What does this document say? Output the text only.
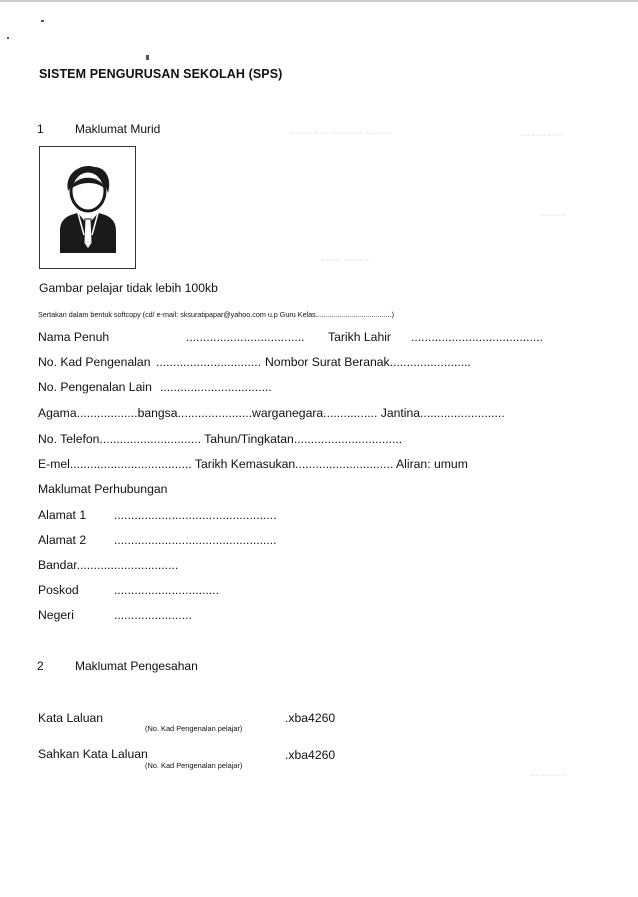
~~~~ ~~~ ~~~~~~ ~~~~~	~~~~~~~~
~~~~~
~~~~ ~~~~~
~~~~~~~
SISTEM PENGURUSAN SEKOLAH (SPS)
1	Maklumat Murid
Gambar pelajar tidak lebih 100kb
Sertakan dalam bentuk softcopy (cd/ e-mail: sksuratipapar@yahoo.com u.p Guru Kelas......................................)
Nama Penuh	................................... Tarikh Lahir .......................................
No. Kad Pengenalan ............................... Nombor Surat Beranak........................
No. Pengenalan Lain .................................
Agama..................bangsa......................warganegara................ Jantina.........................
No. Telefon.............................. Tahun/Tingkatan................................
E-mel.................................... Tarikh Kemasukan............................. Aliran: umum
Maklumat Perhubungan
Alamat 1 ................................................
Alamat 2 ................................................
Bandar..............................
Poskod	...............................
Negeri	.......................
2	Maklumat Pengesahan
Kata Laluan
(No. Kad Pengenalan pelajar)
.xba4260
Sahkan Kata Laluan
(No. Kad Pengenalan pelajar)
.xba4260
